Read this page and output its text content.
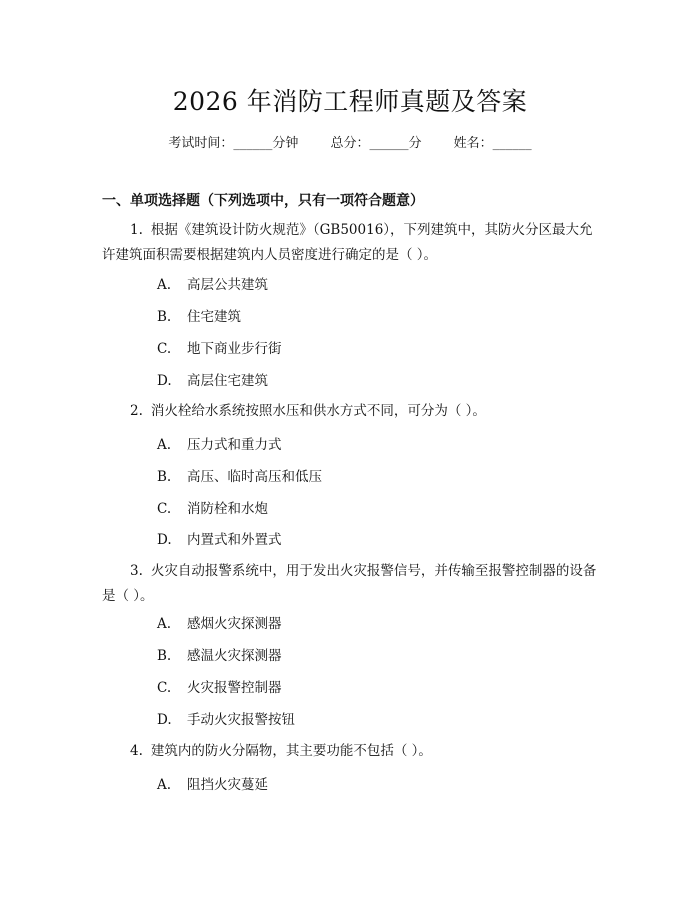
2026 年消防工程师真题及答案
考试时间：______分钟 总分：______分 姓名：______
一、单项选择题（下列选项中，只有一项符合题意）
1. 根据《建筑设计防火规范》（GB50016），下列建筑中，其防火分区最大允许建筑面积需要根据建筑内人员密度进行确定的是（ ）。
A. 高层公共建筑
B. 住宅建筑
C. 地下商业步行街
D. 高层住宅建筑
2. 消火栓给水系统按照水压和供水方式不同，可分为（ ）。
A. 压力式和重力式
B. 高压、临时高压和低压
C. 消防栓和水炮
D. 内置式和外置式
3. 火灾自动报警系统中，用于发出火灾报警信号，并传输至报警控制器的设备是（ ）。
A. 感烟火灾探测器
B. 感温火灾探测器
C. 火灾报警控制器
D. 手动火灾报警按钮
4. 建筑内的防火分隔物，其主要功能不包括（ ）。
A. 阻挡火灾蔓延
